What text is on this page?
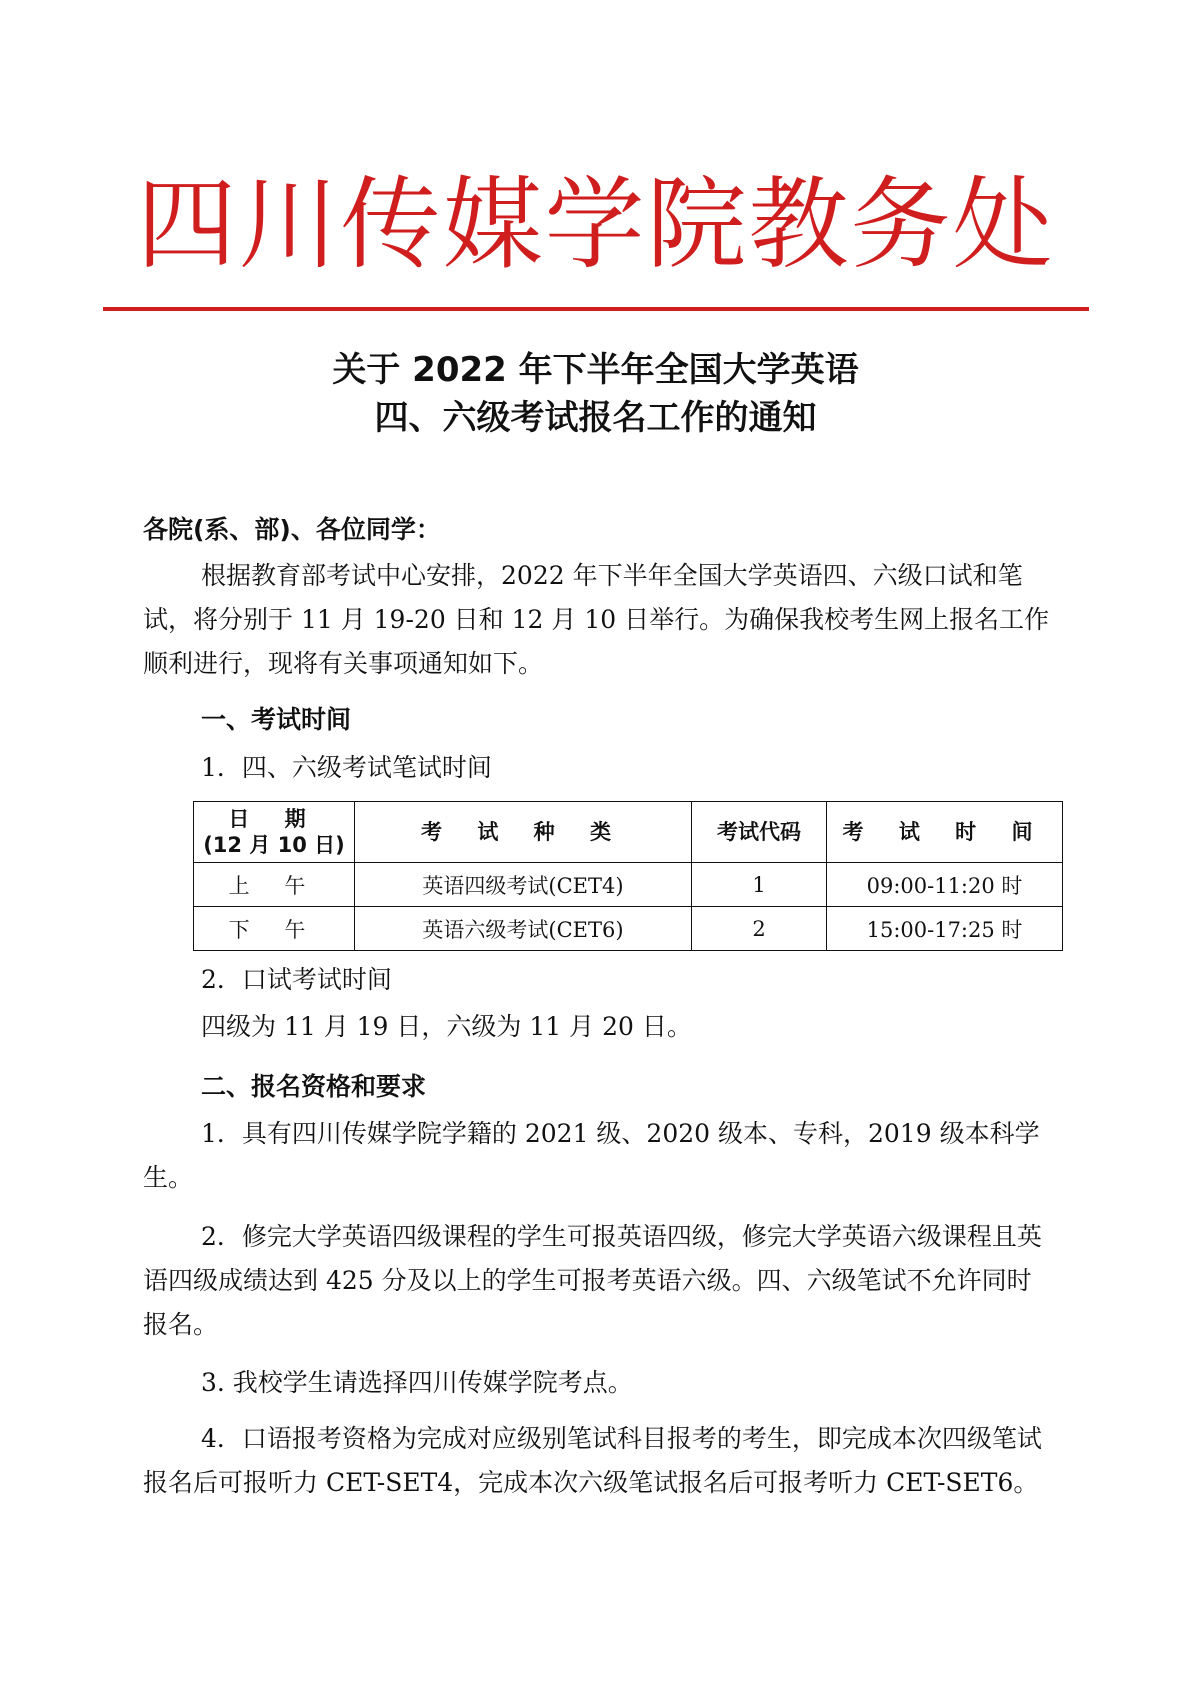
四川传媒学院教务处
关于 2022 年下半年全国大学英语
四、六级考试报名工作的通知
各院(系、部)、各位同学：
根据教育部考试中心安排，2022 年下半年全国大学英语四、六级口试和笔试，将分别于 11 月 19-20 日和 12 月 10 日举行。为确保我校考生网上报名工作顺利进行，现将有关事项通知如下。
一、考试时间
1．四、六级考试笔试时间
日 期
(12 月 10 日)	考 试 种 类	考试代码	考 试 时 间
上 午	英语四级考试(CET4)	1	09:00-11:20 时
下 午	英语六级考试(CET6)	2	15:00-17:25 时
2．口试考试时间
四级为 11 月 19 日，六级为 11 月 20 日。
二、报名资格和要求
1．具有四川传媒学院学籍的 2021 级、2020 级本、专科，2019 级本科学生。
2．修完大学英语四级课程的学生可报英语四级，修完大学英语六级课程且英语四级成绩达到 425 分及以上的学生可报考英语六级。四、六级笔试不允许同时报名。
3. 我校学生请选择四川传媒学院考点。
4．口语报考资格为完成对应级别笔试科目报考的考生，即完成本次四级笔试报名后可报听力 CET-SET4，完成本次六级笔试报名后可报考听力 CET-SET6。
